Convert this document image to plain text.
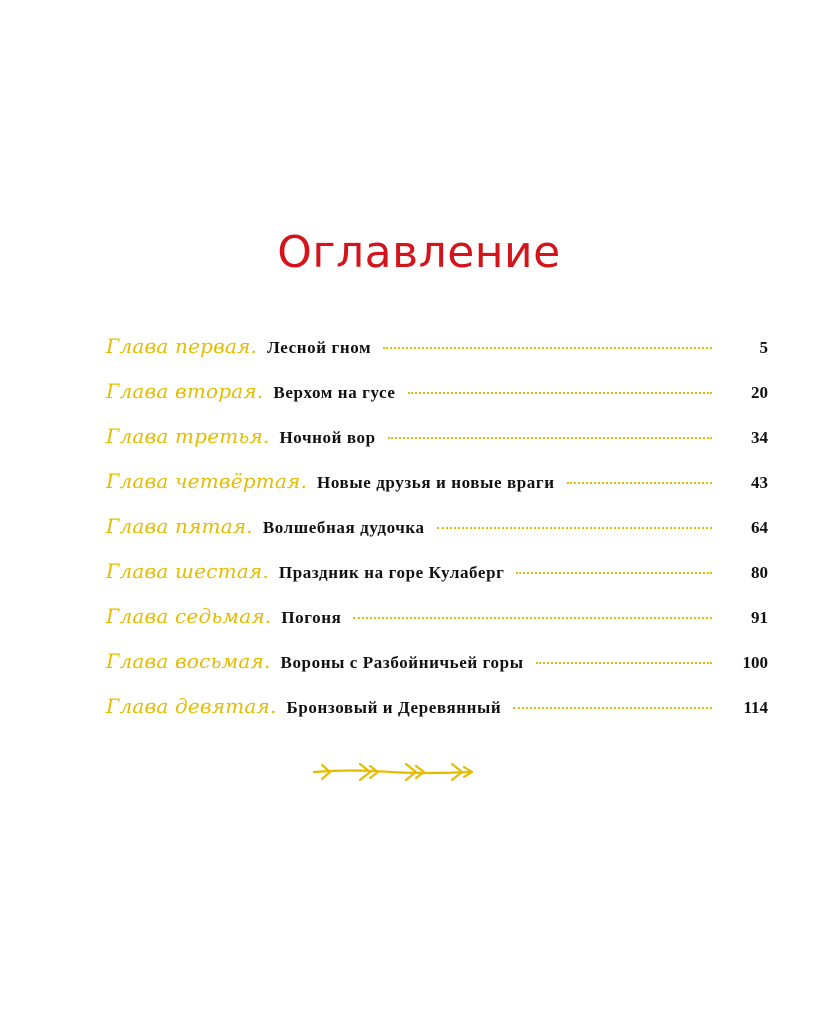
Оглавление
Глава первая. Лесной гном	5
Глава вторая. Верхом на гусе	20
Глава третья. Ночной вор	34
Глава четвёртая. Новые друзья и новые враги	43
Глава пятая. Волшебная дудочка	64
Глава шестая. Праздник на горе Кулаберг	80
Глава седьмая. Погоня	91
Глава восьмая. Вороны с Разбойничьей горы	100
Глава девятая. Бронзовый и Деревянный	114
